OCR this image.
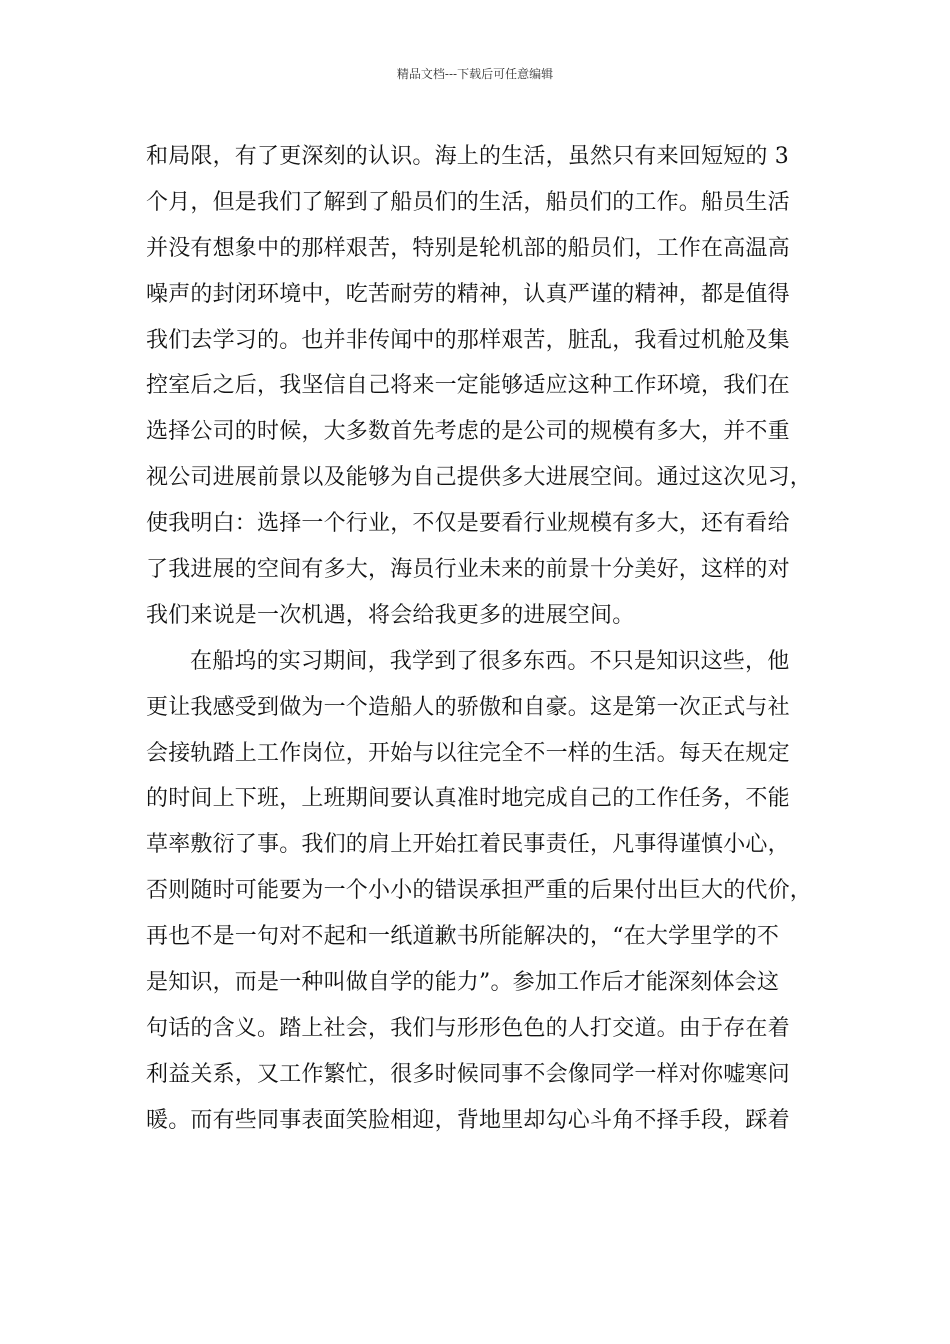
精品文档---下载后可任意编辑
和局限，有了更深刻的认识。海上的生活，虽然只有来回短短的 3
个月，但是我们了解到了船员们的生活，船员们的工作。船员生活
并没有想象中的那样艰苦，特别是轮机部的船员们，工作在高温高
噪声的封闭环境中，吃苦耐劳的精神，认真严谨的精神，都是值得
我们去学习的。也并非传闻中的那样艰苦，脏乱，我看过机舱及集
控室后之后，我坚信自己将来一定能够适应这种工作环境，我们在
选择公司的时候，大多数首先考虑的是公司的规模有多大，并不重
视公司进展前景以及能够为自己提供多大进展空间。通过这次见习，
使我明白：选择一个行业，不仅是要看行业规模有多大，还有看给
了我进展的空间有多大，海员行业未来的前景十分美好，这样的对
我们来说是一次机遇，将会给我更多的进展空间。
在船坞的实习期间，我学到了很多东西。不只是知识这些，他
更让我感受到做为一个造船人的骄傲和自豪。这是第一次正式与社
会接轨踏上工作岗位，开始与以往完全不一样的生活。每天在规定
的时间上下班，上班期间要认真准时地完成自己的工作任务，不能
草率敷衍了事。我们的肩上开始扛着民事责任，凡事得谨慎小心，
否则随时可能要为一个小小的错误承担严重的后果付出巨大的代价，
再也不是一句对不起和一纸道歉书所能解决的，“在大学里学的不
是知识，而是一种叫做自学的能力”。参加工作后才能深刻体会这
句话的含义。踏上社会，我们与形形色色的人打交道。由于存在着
利益关系，又工作繁忙，很多时候同事不会像同学一样对你嘘寒问
暖。而有些同事表面笑脸相迎，背地里却勾心斗角不择手段，踩着
